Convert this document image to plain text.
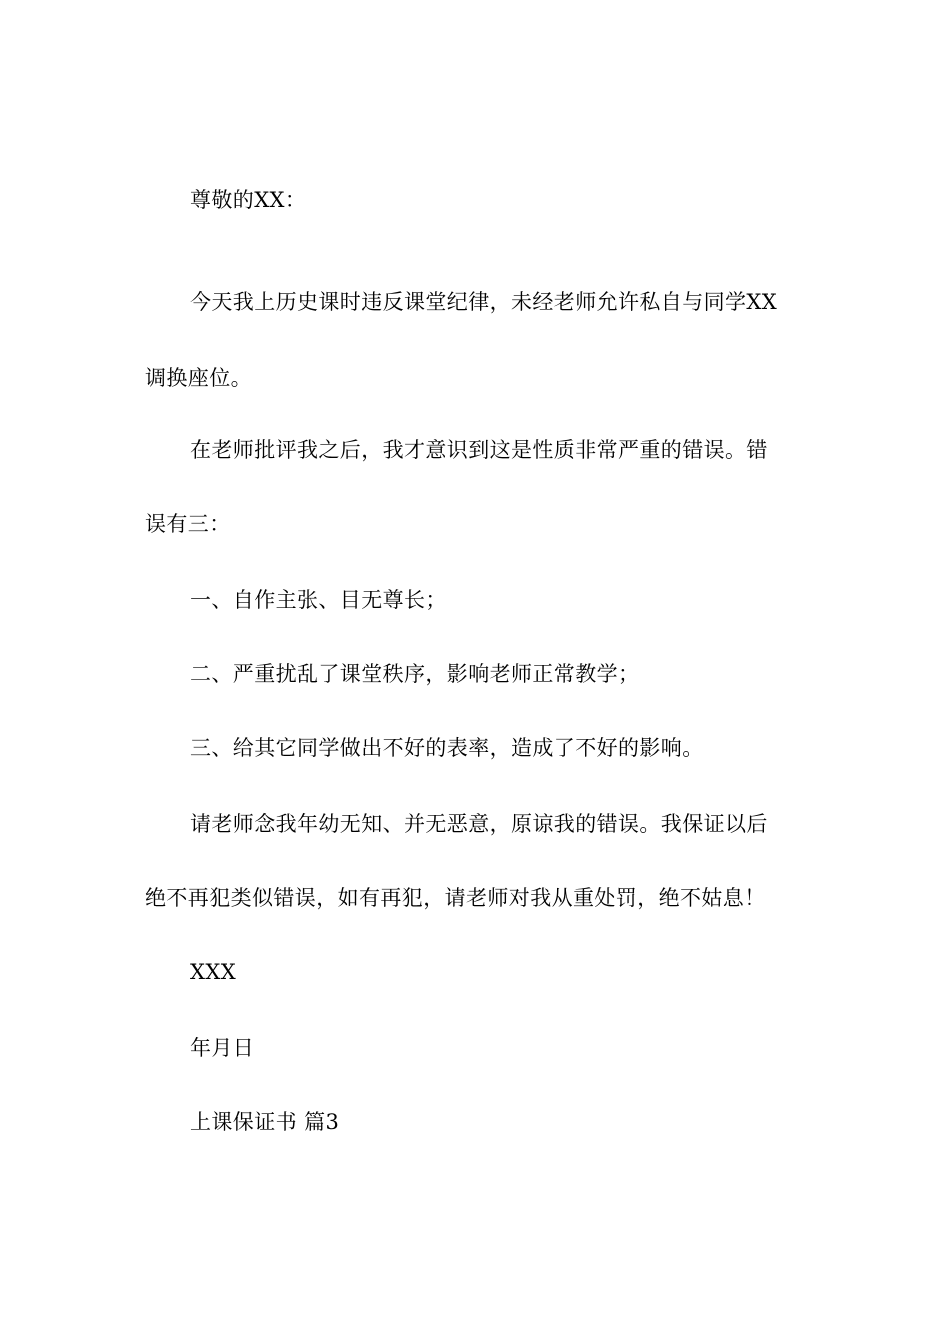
尊敬的XX：
今天我上历史课时违反课堂纪律，未经老师允许私自与同学XX
调换座位。
在老师批评我之后，我才意识到这是性质非常严重的错误。错
误有三：
一、自作主张、目无尊长；
二、严重扰乱了课堂秩序，影响老师正常教学；
三、给其它同学做出不好的表率，造成了不好的影响。
请老师念我年幼无知、并无恶意，原谅我的错误。我保证以后
绝不再犯类似错误，如有再犯，请老师对我从重处罚，绝不姑息！
XXX
年月日
上课保证书 篇3
